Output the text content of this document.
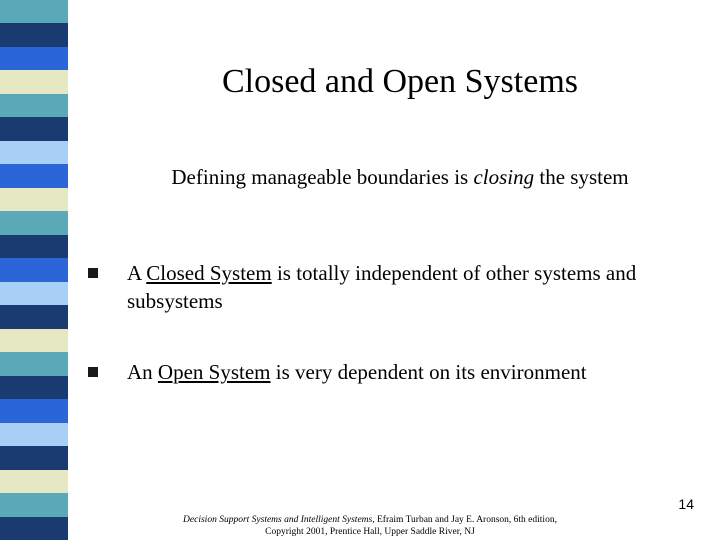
Closed and Open Systems
Defining manageable boundaries is closing the system
A Closed System is totally independent of other systems and subsystems
An Open System is very dependent on its environment
14
Decision Support Systems and Intelligent Systems, Efraim Turban and Jay E. Aronson, 6th edition,
Copyright 2001, Prentice Hall, Upper Saddle River, NJ
